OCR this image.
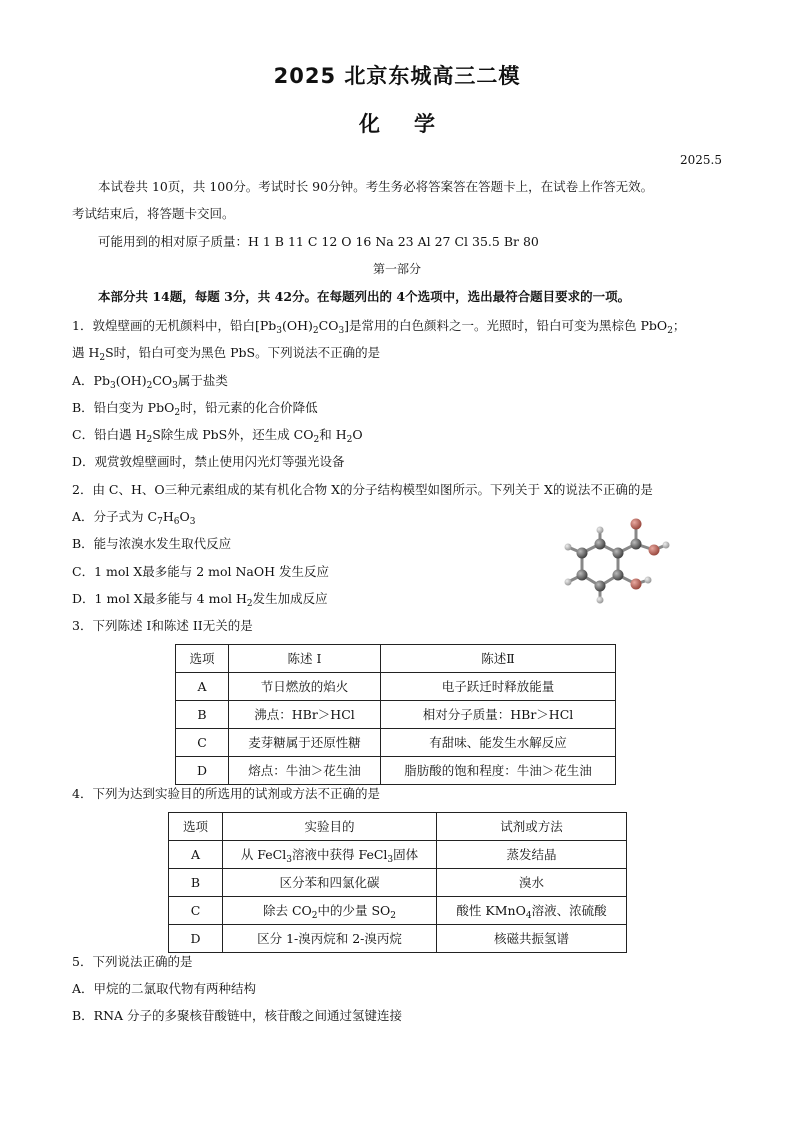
2025 北京东城高三二模
化学
2025.5
本试卷共 10页，共 100分。考试时长 90分钟。考生务必将答案答在答题卡上，在试卷上作答无效。
考试结束后，将答题卡交回。
可能用到的相对原子质量：H 1 B 11 C 12 O 16 Na 23 Al 27 Cl 35.5 Br 80
第一部分
本部分共 14题，每题 3分，共 42分。在每题列出的 4个选项中，选出最符合题目要求的一项。
1．敦煌壁画的无机颜料中，铅白$[Pb_3(OH)_2CO_3]$是常用的白色颜料之一。光照时，铅白可变为黑棕色 PbO$_2$；
遇 $H_2S$时，铅白可变为黑色 PbS。下列说法不正确的是
A．$Pb_3(OH)_2CO_3$属于盐类
B．铅白变为 PbO$_2$时，铅元素的化合价降低
C．铅白遇 $H_2S$除生成 PbS外，还生成 $CO_2$和 $H_2O$
D．观赏敦煌壁画时，禁止使用闪光灯等强光设备
2．由 C、H、O三种元素组成的某有机化合物 X的分子结构模型如图所示。下列关于 X的说法不正确的是
A．分子式为 $C_7H_6O_3$
B．能与浓溴水发生取代反应
C．1 mol X最多能与 2 mol NaOH 发生反应
D．1 mol X最多能与 4 mol $H_2$发生加成反应
3．下列陈述 I和陈述 II无关的是
选项	陈述 I	陈述Ⅱ
A	节日燃放的焰火	电子跃迁时释放能量
B	沸点：HBr＞HCl	相对分子质量：HBr＞HCl
C	麦芽糖属于还原性糖	有甜味、能发生水解反应
D	熔点：牛油＞花生油	脂肪酸的饱和程度：牛油＞花生油
4．下列为达到实验目的所选用的试剂或方法不正确的是
选项	实验目的	试剂或方法
A	从 FeCl$_3$溶液中获得 FeCl$_3$固体	蒸发结晶
B	区分苯和四氯化碳	溴水
C	除去 $CO_2$中的少量 $SO_2$	酸性 KMnO$_4$溶液、浓硫酸
D	区分 1-溴丙烷和 2-溴丙烷	核磁共振氢谱
5．下列说法正确的是
A．甲烷的二氯取代物有两种结构
B．RNA 分子的多聚核苷酸链中，核苷酸之间通过氢键连接
